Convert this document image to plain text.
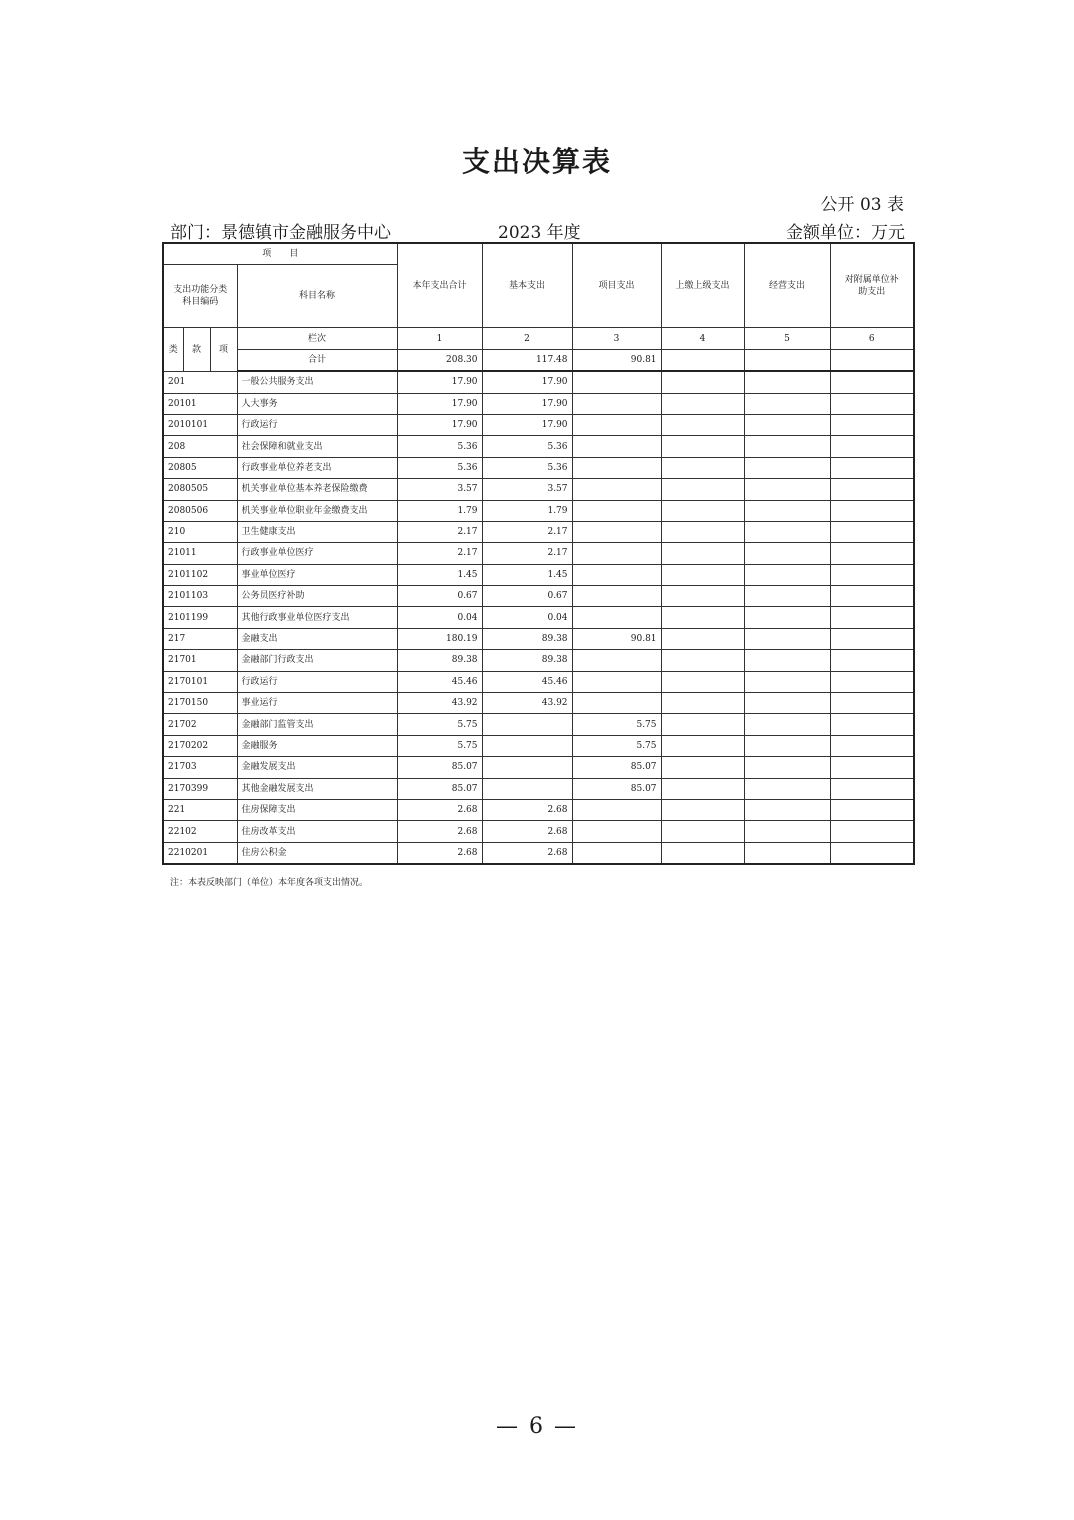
支出决算表
公开 03 表
部门：景德镇市金融服务中心	2023 年度	金额单位：万元
项　　目				本年支出合计	基本支出	项目支出	上缴上级支出	经营支出	对附属单位补
助支出

支出功能分类
科目编码			科目名称						

类	款	项	栏次	1	2	3	4	5	6
			合计	208.30	117.48	90.81			
201			一般公共服务支出	17.90	17.90				
20101			人大事务	17.90	17.90				
2010101			行政运行	17.90	17.90				
208			社会保障和就业支出	5.36	5.36				
20805			行政事业单位养老支出	5.36	5.36				
2080505			机关事业单位基本养老保险缴费	3.57	3.57				
2080506			机关事业单位职业年金缴费支出	1.79	1.79				
210			卫生健康支出	2.17	2.17				
21011			行政事业单位医疗	2.17	2.17				
2101102			事业单位医疗	1.45	1.45				
2101103			公务员医疗补助	0.67	0.67				
2101199			其他行政事业单位医疗支出	0.04	0.04				
217			金融支出	180.19	89.38	90.81			
21701			金融部门行政支出	89.38	89.38				
2170101			行政运行	45.46	45.46				
2170150			事业运行	43.92	43.92				
21702			金融部门监管支出	5.75		5.75			
2170202			金融服务	5.75		5.75			
21703			金融发展支出	85.07		85.07			
2170399			其他金融发展支出	85.07		85.07			
221			住房保障支出	2.68	2.68				
22102			住房改革支出	2.68	2.68				
2210201			住房公积金	2.68	2.68				
注：本表反映部门（单位）本年度各项支出情况。
— 6 —
